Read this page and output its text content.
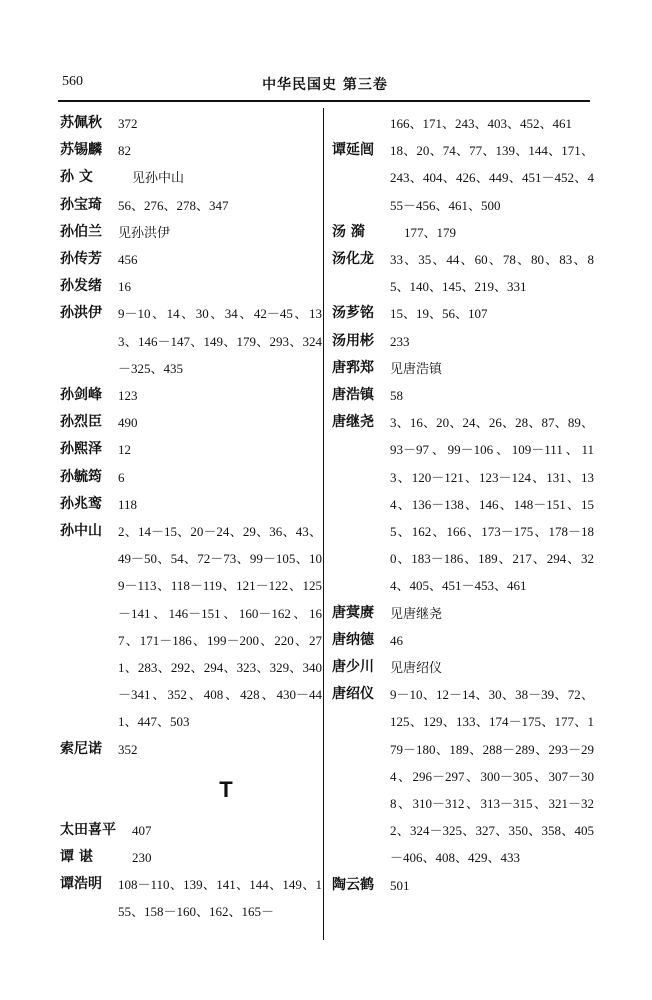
560	中华民国史 第三卷
苏佩秋	372
苏锡麟	82
孙 文	见孙中山
孙宝琦	56、276、278、347
孙伯兰	见孙洪伊
孙传芳	456
孙发绪	16
孙洪伊	9－10、14、30、34、42－45、133、146－147、149、179、293、324－325、435
孙剑峰	123
孙烈臣	490
孙熙泽	12
孙毓筠	6
孙兆鸾	118
孙中山	2、14－15、20－24、29、36、43、49－50、54、72－73、99－105、109－113、118－119、121－122、125－141、146－151、160－162、167、171－186、199－200、220、271、283、292、294、323、329、340－341、352、408、428、430－441、447、503
索尼诺	352
T
太田喜平	407
谭 谌	230
谭浩明	108－110、139、141、144、149、155、158－160、162、165－
166、171、243、403、452、461
谭延闿	18、20、74、77、139、144、171、243、404、426、449、451－452、455－456、461、500
汤 漪	177、179
汤化龙	33、35、44、60、78、80、83、85、140、145、219、331
汤芗铭	15、19、56、107
汤用彬	233
唐郛郑	见唐浩镇
唐浩镇	58
唐继尧	3、16、20、24、26、28、87、89、93－97、99－106、109－111、113、120－121、123－124、131、134、136－138、146、148－151、155、162、166、173－175、178－180、183－186、189、217、294、324、405、451－453、461
唐蓂赓	见唐继尧
唐纳德	46
唐少川	见唐绍仪
唐绍仪	9－10、12－14、30、38－39、72、125、129、133、174－175、177、179－180、189、288－289、293－294、296－297、300－305、307－308、310－312、313－315、321－322、324－325、327、350、358、405－406、408、429、433
陶云鹤	501
